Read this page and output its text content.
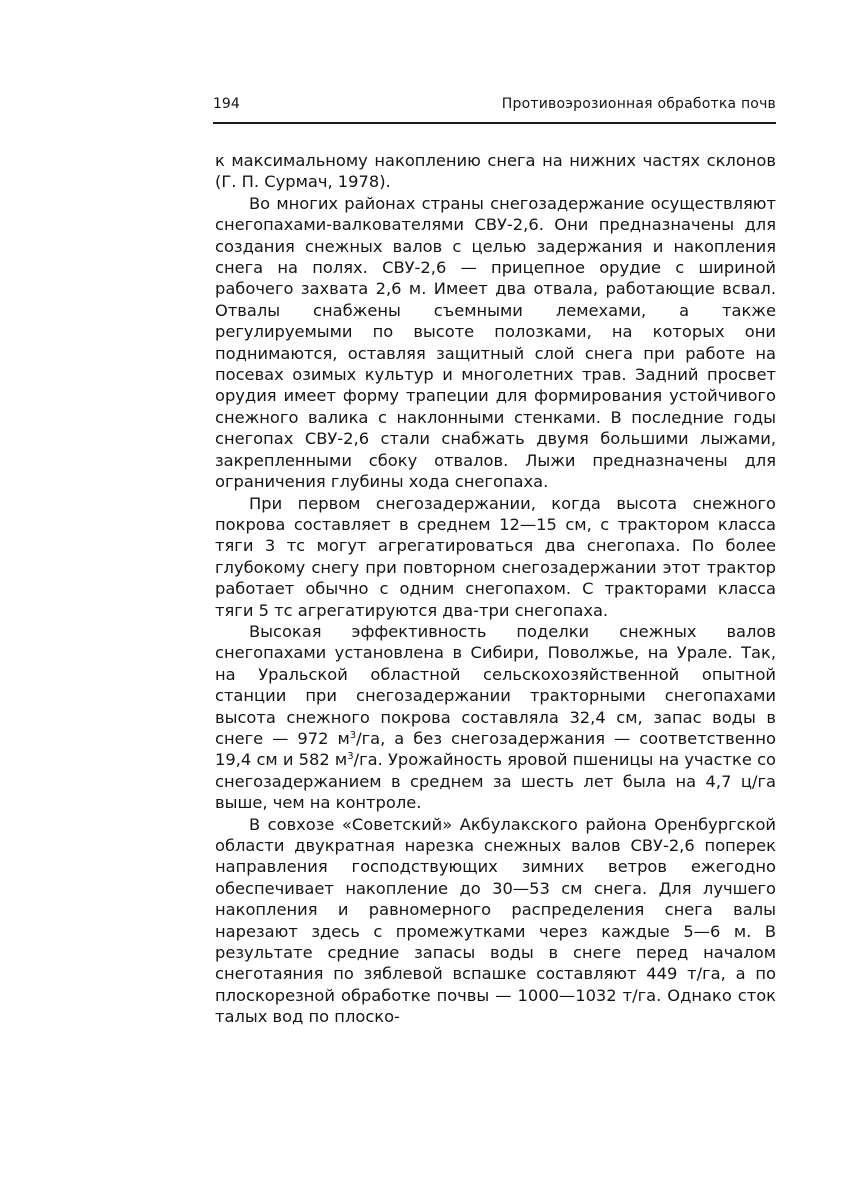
194	Противоэрозионная обработка почв

к максимальному накоплению снега на нижних частях склонов (Г. П. Сурмач, 1978).

Во многих районах страны снегозадержание осуществляют снегопахами-валкователями СВУ-2,6. Они предназначены для создания снежных валов с целью задержания и накопления снега на полях. СВУ-2,6 — прицепное орудие с шириной рабочего захвата 2,6 м. Имеет два отвала, работающие всвал. Отвалы снабжены съемными лемехами, а также регулируемыми по высоте полозками, на которых они поднимаются, оставляя защитный слой снега при работе на посевах озимых культур и многолетних трав. Задний просвет орудия имеет форму трапеции для формирования устойчивого снежного валика с наклонными стенками. В последние годы снегопах СВУ-2,6 стали снабжать двумя большими лыжами, закрепленными сбоку отвалов. Лыжи предназначены для ограничения глубины хода снегопаха.

При первом снегозадержании, когда высота снежного покрова составляет в среднем 12—15 см, с трактором класса тяги 3 тс могут агрегатироваться два снегопаха. По более глубокому снегу при повторном снегозадержании этот трактор работает обычно с одним снегопахом. С тракторами класса тяги 5 тс агрегатируются два-три снегопаха.

Высокая эффективность поделки снежных валов снегопахами установлена в Сибири, Поволжье, на Урале. Так, на Уральской областной сельскохозяйственной опытной станции при снегозадержании тракторными снегопахами высота снежного покрова составляла 32,4 см, запас воды в снеге — 972 $м^3/га$, а без снегозадержания — соответственно 19,4 см и 582 $м^3/га$. Урожайность яровой пшеницы на участке со снегозадержанием в среднем за шесть лет была на 4,7 ц/га выше, чем на контроле.

В совхозе «Советский» Акбулакского района Оренбургской области двукратная нарезка снежных валов СВУ-2,6 поперек направления господствующих зимних ветров ежегодно обеспечивает накопление до 30—53 см снега. Для лучшего накопления и равномерного распределения снега валы нарезают здесь с промежутками через каждые 5—6 м. В результате средние запасы воды в снеге перед началом снеготаяния по зяблевой вспашке составляют 449 т/га, а по плоскорезной обработке почвы — 1000—1032 т/га. Однако сток талых вод по плоско-
